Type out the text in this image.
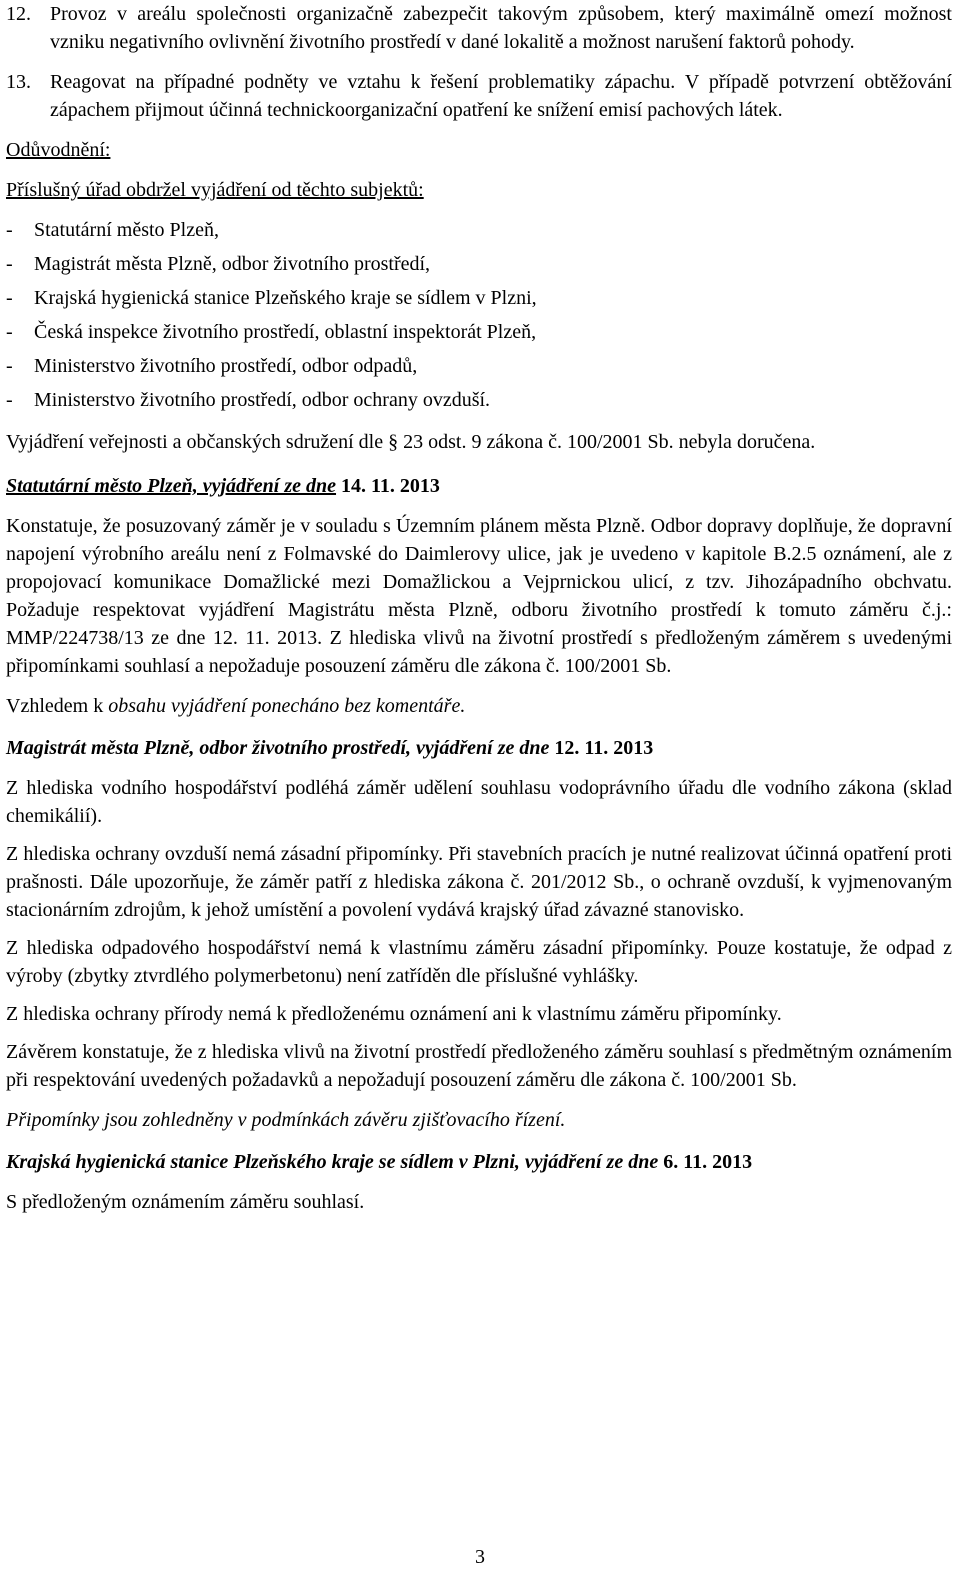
12. Provoz v areálu společnosti organizačně zabezpečit takovým způsobem, který maximálně omezí možnost vzniku negativního ovlivnění životního prostředí v dané lokalitě a možnost narušení faktorů pohody.
13. Reagovat na případné podněty ve vztahu k řešení problematiky zápachu. V případě potvrzení obtěžování zápachem přijmout účinná technickoorganizační opatření ke snížení emisí pachových látek.

Odůvodnění:

Příslušný úřad obdržel vyjádření od těchto subjektů:

- Statutární město Plzeň,
- Magistrát města Plzně, odbor životního prostředí,
- Krajská hygienická stanice Plzeňského kraje se sídlem v Plzni,
- Česká inspekce životního prostředí, oblastní inspektorát Plzeň,
- Ministerstvo životního prostředí, odbor odpadů,
- Ministerstvo životního prostředí, odbor ochrany ovzduší.

Vyjádření veřejnosti a občanských sdružení dle § 23 odst. 9 zákona č. 100/2001 Sb. nebyla doručena.

Statutární město Plzeň, vyjádření ze dne 14. 11. 2013

Konstatuje, že posuzovaný záměr je v souladu s Územním plánem města Plzně. Odbor dopravy doplňuje, že dopravní napojení výrobního areálu není z Folmavské do Daimlerovy ulice, jak je uvedeno v kapitole B.2.5 oznámení, ale z propojovací komunikace Domažlické mezi Domažlickou a Vejprnickou ulicí, z tzv. Jihozápadního obchvatu. Požaduje respektovat vyjádření Magistrátu města Plzně, odboru životního prostředí k tomuto záměru č.j.: MMP/224738/13 ze dne 12. 11. 2013. Z hlediska vlivů na životní prostředí s předloženým záměrem s uvedenými připomínkami souhlasí a nepožaduje posouzení záměru dle zákona č. 100/2001 Sb.

Vzhledem k obsahu vyjádření ponecháno bez komentáře.

Magistrát města Plzně, odbor životního prostředí, vyjádření ze dne 12. 11. 2013

Z hlediska vodního hospodářství podléhá záměr udělení souhlasu vodoprávního úřadu dle vodního zákona (sklad chemikálií).

Z hlediska ochrany ovzduší nemá zásadní připomínky. Při stavebních pracích je nutné realizovat účinná opatření proti prašnosti. Dále upozorňuje, že záměr patří z hlediska zákona č. 201/2012 Sb., o ochraně ovzduší, k vyjmenovaným stacionárním zdrojům, k jehož umístění a povolení vydává krajský úřad závazné stanovisko.

Z hlediska odpadového hospodářství nemá k vlastnímu záměru zásadní připomínky. Pouze kostatuje, že odpad z výroby (zbytky ztvrdlého polymerbetonu) není zatříděn dle příslušné vyhlášky.

Z hlediska ochrany přírody nemá k předloženému oznámení ani k vlastnímu záměru připomínky.

Závěrem konstatuje, že z hlediska vlivů na životní prostředí předloženého záměru souhlasí s předmětným oznámením při respektování uvedených požadavků a nepožadují posouzení záměru dle zákona č. 100/2001 Sb.

Připomínky jsou zohledněny v podmínkách závěru zjišťovacího řízení.

Krajská hygienická stanice Plzeňského kraje se sídlem v Plzni, vyjádření ze dne 6. 11. 2013

S předloženým oznámením záměru souhlasí.

3
